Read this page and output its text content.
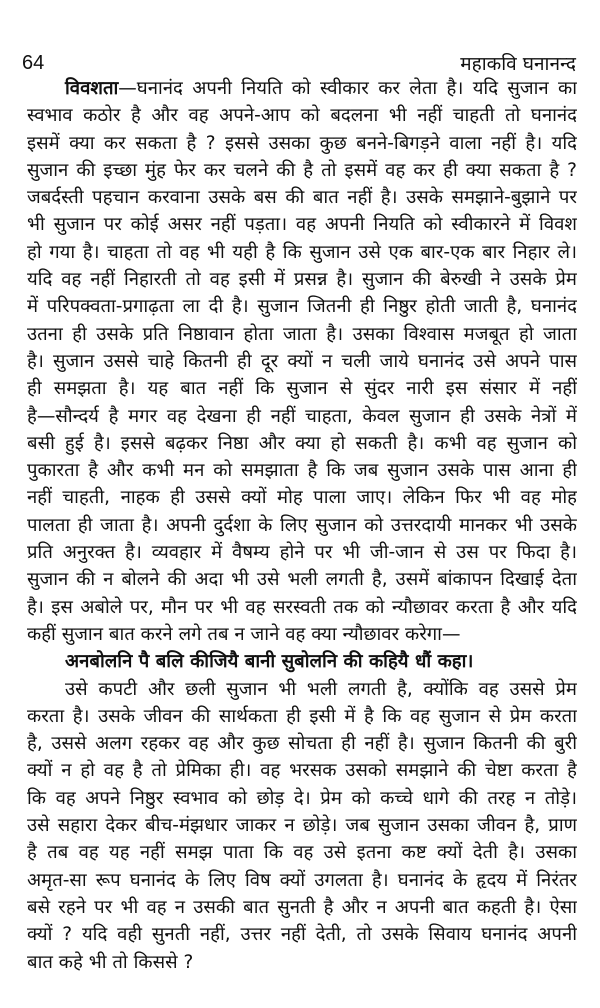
64	महाकवि घनानन्द
विवशता—घनानंद अपनी नियति को स्वीकार कर लेता है। यदि सुजान का
स्वभाव कठोर है और वह अपने-आप को बदलना भी नहीं चाहती तो घनानंद
इसमें क्या कर सकता है ? इससे उसका कुछ बनने-बिगड़ने वाला नहीं है। यदि
सुजान की इच्छा मुंह फेर कर चलने की है तो इसमें वह कर ही क्या सकता है ?
जबर्दस्ती पहचान करवाना उसके बस की बात नहीं है। उसके समझाने-बुझाने पर
भी सुजान पर कोई असर नहीं पड़ता। वह अपनी नियति को स्वीकारने में विवश
हो गया है। चाहता तो वह भी यही है कि सुजान उसे एक बार-एक बार निहार ले।
यदि वह नहीं निहारती तो वह इसी में प्रसन्न है। सुजान की बेरुखी ने उसके प्रेम
में परिपक्वता-प्रगाढ़ता ला दी है। सुजान जितनी ही निष्ठुर होती जाती है, घनानंद
उतना ही उसके प्रति निष्ठावान होता जाता है। उसका विश्वास मजबूत हो जाता
है। सुजान उससे चाहे कितनी ही दूर क्यों न चली जाये घनानंद उसे अपने पास
ही समझता है। यह बात नहीं कि सुजान से सुंदर नारी इस संसार में नहीं
है—सौन्दर्य है मगर वह देखना ही नहीं चाहता, केवल सुजान ही उसके नेत्रों में
बसी हुई है। इससे बढ़कर निष्ठा और क्या हो सकती है। कभी वह सुजान को
पुकारता है और कभी मन को समझाता है कि जब सुजान उसके पास आना ही
नहीं चाहती, नाहक ही उससे क्यों मोह पाला जाए। लेकिन फिर भी वह मोह
पालता ही जाता है। अपनी दुर्दशा के लिए सुजान को उत्तरदायी मानकर भी उसके
प्रति अनुरक्त है। व्यवहार में वैषम्य होने पर भी जी-जान से उस पर फिदा है।
सुजान की न बोलने की अदा भी उसे भली लगती है, उसमें बांकापन दिखाई देता
है। इस अबोले पर, मौन पर भी वह सरस्वती तक को न्यौछावर करता है और यदि
कहीं सुजान बात करने लगे तब न जाने वह क्या न्यौछावर करेगा—
अनबोलनि पै बलि कीजियै बानी सुबोलनि की कहियै धौं कहा।
उसे कपटी और छली सुजान भी भली लगती है, क्योंकि वह उससे प्रेम
करता है। उसके जीवन की सार्थकता ही इसी में है कि वह सुजान से प्रेम करता
है, उससे अलग रहकर वह और कुछ सोचता ही नहीं है। सुजान कितनी की बुरी
क्यों न हो वह है तो प्रेमिका ही। वह भरसक उसको समझाने की चेष्टा करता है
कि वह अपने निष्ठुर स्वभाव को छोड़ दे। प्रेम को कच्चे धागे की तरह न तोड़े।
उसे सहारा देकर बीच-मंझधार जाकर न छोड़े। जब सुजान उसका जीवन है, प्राण
है तब वह यह नहीं समझ पाता कि वह उसे इतना कष्ट क्यों देती है। उसका
अमृत-सा रूप घनानंद के लिए विष क्यों उगलता है। घनानंद के हृदय में निरंतर
बसे रहने पर भी वह न उसकी बात सुनती है और न अपनी बात कहती है। ऐसा
क्यों ? यदि वही सुनती नहीं, उत्तर नहीं देती, तो उसके सिवाय घनानंद अपनी
बात कहे भी तो किससे ?
